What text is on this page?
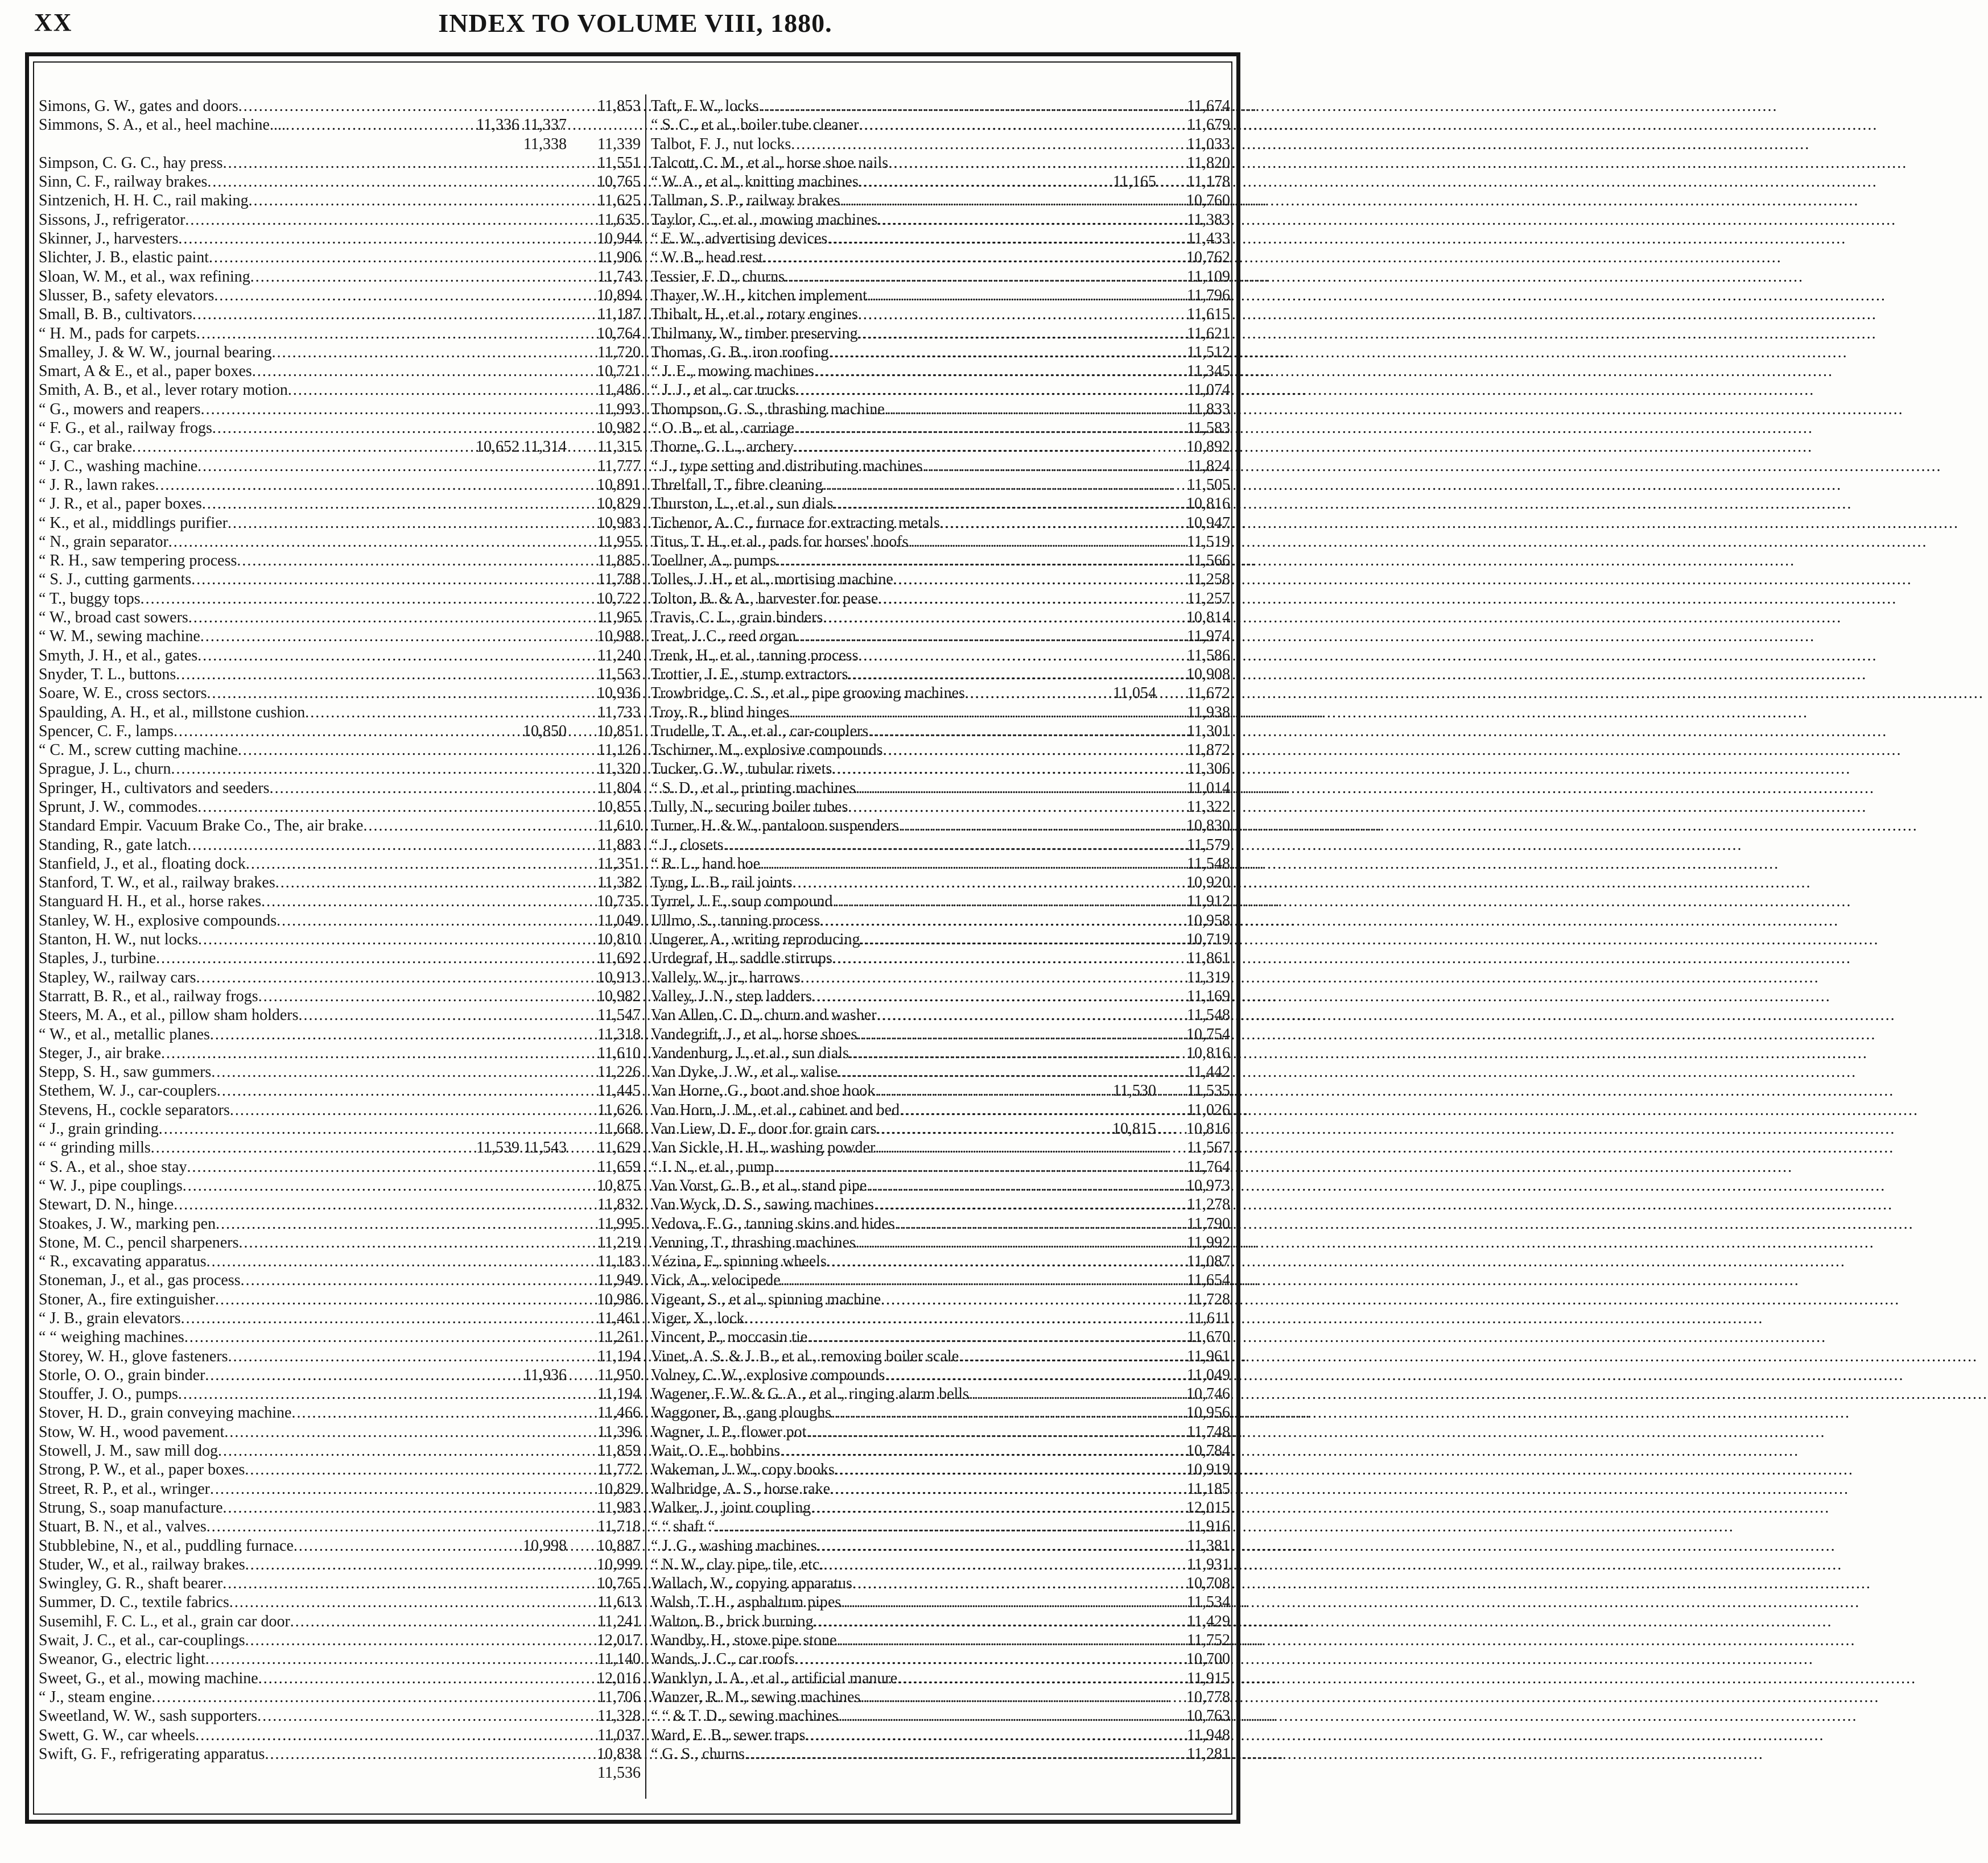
XX	INDEX TO VOLUME VIII, 1880.
Simons, G. W., gates and doors .....	11,853
Simmons, S. A., et al., heel machine.... .....	11,336 11,337
11,338	11,339
Simpson, C. G. C., hay press .....	11,551
Sinn, C. F., railway brakes .....	10,765
Sintzenich, H. H. C., rail making .....	11,625
Sissons, J., refrigerator .....	11,635
Skinner, J., harvesters .....	10,944
Slichter, J. B., elastic paint .....	11,906
Sloan, W. M., et al., wax refining .....	11,743
Slusser, B., safety elevators .....	10,894
Small, B. B., cultivators .....	11,187
“ H. M., pads for carpets .....	10,764
Smalley, J. & W. W., journal bearing .....	11,720
Smart, A & E., et al., paper boxes .....	10,721
Smith, A. B., et al., lever rotary motion .....	11,486
“ G., mowers and reapers .....	11,993
“ F. G., et al., railway frogs .....	10,982
“ G., car brake .....	10,652 11,314	11,315
“ J. C., washing machine .....	11,777
“ J. R., lawn rakes .....	10,891
“ J. R., et al., paper boxes .....	10,829
“ K., et al., middlings purifier .....	10,983
“ N., grain separator .....	11,955
“ R. H., saw tempering process .....	11,885
“ S. J., cutting garments .....	11,788
“ T., buggy tops .....	10,722
“ W., broad cast sowers .....	11,965
“ W. M., sewing machine .....	10,988
Smyth, J. H., et al., gates .....	11,240
Snyder, T. L., buttons .....	11,563
Soare, W. E., cross sectors .....	10,936
Spaulding, A. H., et al., millstone cushion .....	11,733
Spencer, C. F., lamps .....	10,850	10,851
“ C. M., screw cutting machine .....	11,126
Sprague, J. L., churn .....	11,320
Springer, H., cultivators and seeders .....	11,804
Sprunt, J. W., commodes .....	10,855
Standard Empir. Vacuum Brake Co., The, air brake .....	11,610
Standing, R., gate latch .....	11,883
Stanfield, J., et al., floating dock .....	11,351
Stanford, T. W., et al., railway brakes .....	11,382
Stanguard H. H., et al., horse rakes .....	10,735
Stanley, W. H., explosive compounds .....	11,049
Stanton, H. W., nut locks .....	10,810
Staples, J., turbine .....	11,692
Stapley, W., railway cars .....	10,913
Starratt, B. R., et al., railway frogs .....	10,982
Steers, M. A., et al., pillow sham holders .....	11,547
“ W., et al., metallic planes .....	11,318
Steger, J., air brake .....	11,610
Stepp, S. H., saw gummers .....	11,226
Stethem, W. J., car-couplers .....	11,445
Stevens, H., cockle separators .....	11,626
“ J., grain grinding .....	11,668
“ “ grinding mills .....	11,539 11,543	11,629
“ S. A., et al., shoe stay .....	11,659
“ W. J., pipe couplings .....	10,875
Stewart, D. N., hinge .....	11,832
Stoakes, J. W., marking pen .....	11,995
Stone, M. C., pencil sharpeners .....	11,219
“ R., excavating apparatus .....	11,183
Stoneman, J., et al., gas process .....	11,949
Stoner, A., fire extinguisher .....	10,986
“ J. B., grain elevators .....	11,461
“ “ weighing machines .....	11,261
Storey, W. H., glove fasteners .....	11,194
Storle, O. O., grain binder .....	11,936	11,950
Stouffer, J. O., pumps .....	11,194
Stover, H. D., grain conveying machine .....	11,466
Stow, W. H., wood pavement .....	11,396
Stowell, J. M., saw mill dog .....	11,859
Strong, P. W., et al., paper boxes .....	11,772
Street, R. P., et al., wringer .....	10,829
Strung, S., soap manufacture .....	11,983
Stuart, B. N., et al., valves .....	11,718
Stubblebine, N., et al., puddling furnace .....	10,998	10,887
Studer, W., et al., railway brakes .....	10,999
Swingley, G. R., shaft bearer .....	10,765
Summer, D. C., textile fabrics .....	11,613
Susemihl, F. C. L., et al., grain car door .....	11,241
Swait, J. C., et al., car-couplings .....	12,017
Sweanor, G., electric light .....	11,140
Sweet, G., et al., mowing machine .....	12,016
“ J., steam engine .....	11,706
Sweetland, W. W., sash supporters .....	11,328
Swett, G. W., car wheels .....	11,037
Swift, G. F., refrigerating apparatus .....	10,838
11,536
Taft, F. W., locks .....	11,674
“ S. C., et al., boiler tube cleaner .....	11,679
Talbot, F. J., nut locks .....	11,033
Talcott, C. M., et al., horse shoe nails .....	11,820
“ W. A., et al., knitting machines .....	11,165	11,178
Tallman, S. P., railway brakes .....	10,760
Taylor, C., et al., mowing machines .....	11,383
“ E. W., advertising devices .....	11,433
“ W. B., head rest .....	10,762
Tessier, F. D., churns .....	11,109
Thayer, W. H., kitchen implement .....	11,796
Thibalt, H., et al., rotary engines .....	11,615
Thilmany, W., timber preserving .....	11,621
Thomas, G. B., iron roofing .....	11,512
“ J. E., mowing machines .....	11,345
“ J. J., et al., car trucks .....	11,074
Thompson, G. S., thrashing machine .....	11,833
“ O. B., et al., carriage .....	11,583
Thorne, G. L., archery .....	10,892
“ J., type setting and distributing machines .....	11,824
Threlfall, T., fibre cleaning .....	11,505
Thurston, L., et al., sun dials .....	10,816
Tichenor, A. C., furnace for extracting metals .....	10,947
Titus, T. H., et al., pads for horses' hoofs .....	11,519
Toellner, A., pumps .....	11,566
Tolles, J. H., et al., mortising machine .....	11,258
Tolton, B. & A., harvester for pease .....	11,257
Travis, C. L., grain binders .....	10,814
Treat, J. C., reed organ .....	11,974
Trenk, H., et al., tanning process .....	11,586
Trottier, J. E., stump extractors .....	10,908
Trowbridge, C. S., et al., pipe grooving machines .....	11,054	11,672
Troy, R., blind hinges .....	11,938
Trudelle, T. A., et al., car-couplers .....	11,301
Tschirner, M., explosive compounds .....	11,872
Tucker, G. W., tubular rivets .....	11,306
“ S. D., et al., printing machines .....	11,014
Tully, N., securing boiler tubes .....	11,322
Turner, H. & W., pantaloon suspenders .....	10,830
“ J., closets .....	11,579
“ R. L., hand hoe .....	11,548
Tyng, L. B., rail joints .....	10,920
Tyrrel, J. F., soup compound .....	11,912
Ullmo, S., tanning process .....	10,958
Ungerer, A., writing reproducing .....	10,719
Urdegraf, H., saddle stirrups .....	11,861
Vallely, W., jr., harrows .....	11,319
Valley, J. N., step ladders .....	11,169
Van Allen, C. D., churn and washer .....	11,548
Vandegrift, J., et al., horse shoes .....	10,754
Vandenburg, J., et al., sun dials .....	10,816
Van Dyke, J. W., et al., valise .....	11,442
Van Horne, G., boot and shoe hook .....	11,530	11,535
Van Horn, J. M., et al., cabinet and bed .....	11,026
Van Liew, D. F., door for grain cars .....	10,815	10,816
Van Sickle, H. H., washing powder .....	11,567
“ I. N., et al., pump .....	11,764
Van Vorst, G. B., et al., stand pipe .....	10,973
Van Wyck, D. S., sawing machines .....	11,278
Vedova, F. G., tanning skins and hides .....	11,790
Venning, T., thrashing machines .....	11,992
Vézina, F., spinning wheels .....	11,087
Vick, A., velocipede .....	11,654
Vigeant, S., et al., spinning machine .....	11,728
Viger, X., lock .....	11,611
Vincent, P., moccasin tie .....	11,670
Vinet, A. S. & J. B., et al., removing boiler scale .....	11,961
Volney, C. W., explosive compounds .....	11,049
Wagener, F. W. & G. A., et al., ringing alarm bells .....	10,746
Waggoner, B., gang ploughs .....	10,956
Wagner, J. P., flower pot .....	11,748
Wait, O. E., bobbins .....	10,784
Wakeman, J. W., copy books .....	10,919
Walbridge, A. S., horse rake .....	11,185
Walker, J., joint coupling .....	12,015
“ “ shaft “ .....	11,916
“ J. G., washing machines .....	11,381
“ N. W., clay pipe, tile, etc. .....	11,931
Wallach, W., copying apparatus .....	10,708
Walsh, T. H., asphaltum pipes .....	11,534
Walton, B., brick burning .....	11,429
Wandby, H., stove pipe stone .....	11,752
Wands, J. C., car roofs .....	10,700
Wanklyn, J. A., et al., artificial manure .....	11,915
Wanzer, R. M., sewing machines .....	10,778
“ “ & T. D., sewing machines .....	10,763
Ward, E. B., sewer traps .....	11,948
“ G. S., churns .....	11,281
